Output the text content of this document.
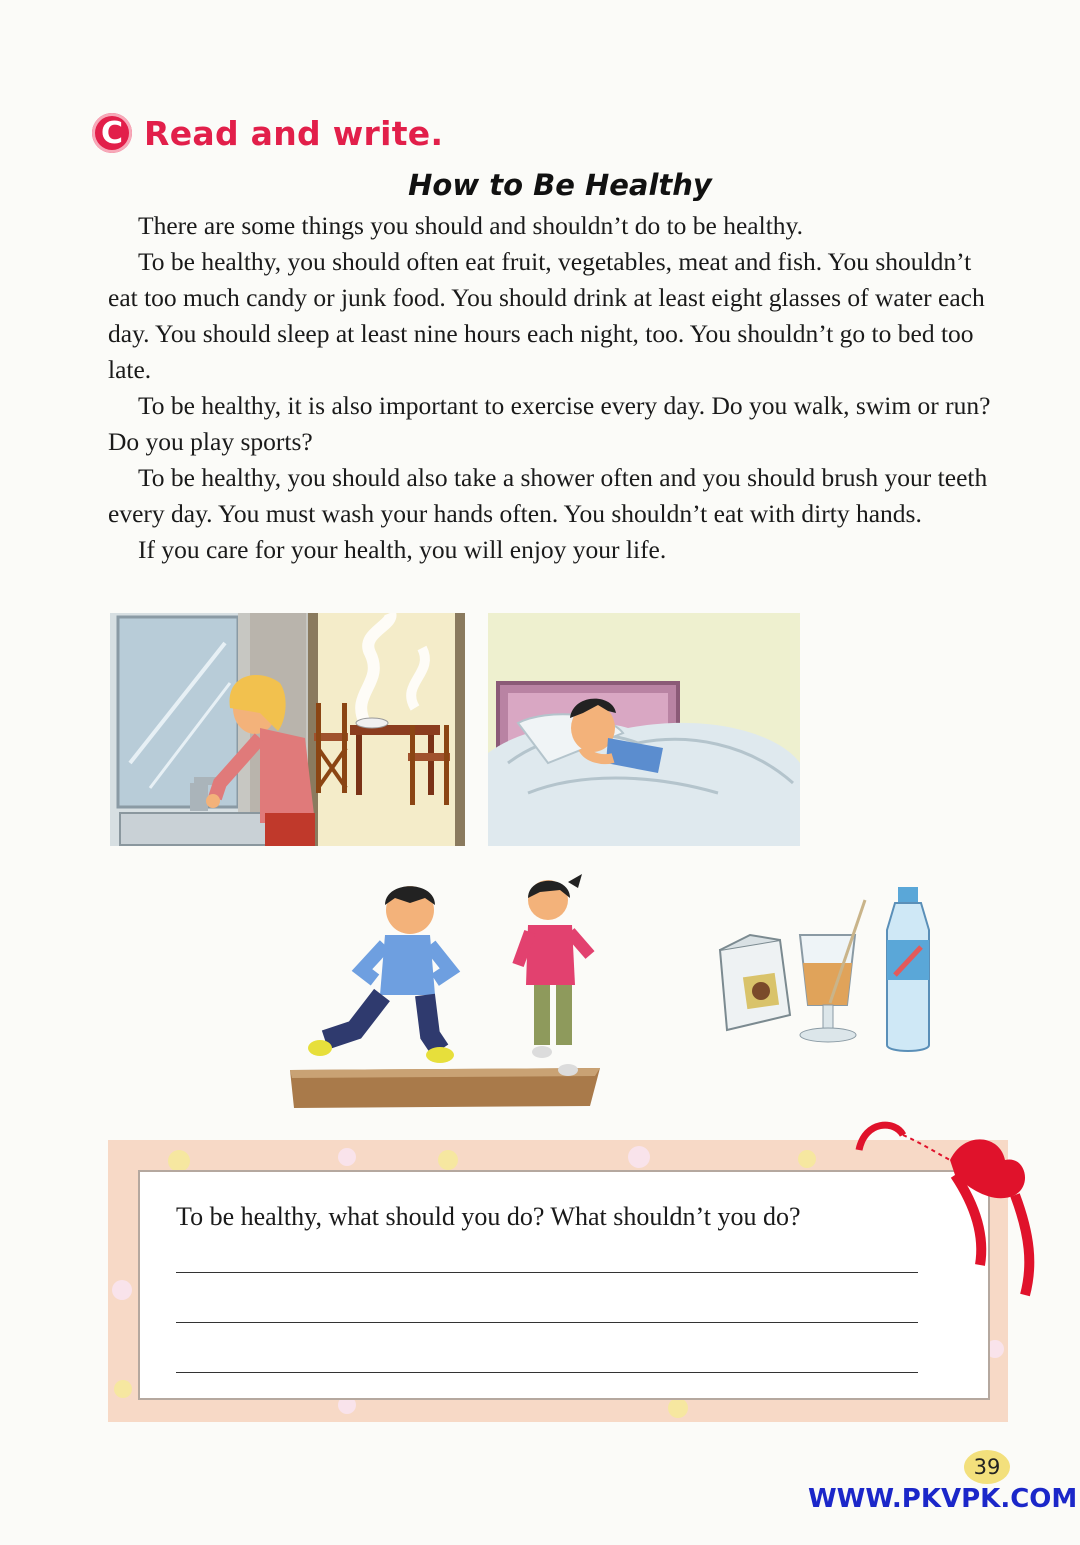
C Read and write.
How to Be Healthy

There are some things you should and shouldn’t do to be healthy.

To be healthy, you should often eat fruit, vegetables, meat and fish. You shouldn’t eat too much candy or junk food. You should drink at least eight glasses of water each day. You should sleep at least nine hours each night, too. You shouldn’t go to bed too late.

To be healthy, it is also important to exercise every day. Do you walk, swim or run? Do you play sports?

To be healthy, you should also take a shower often and you should brush your teeth every day. You must wash your hands often. You shouldn’t eat with dirty hands.

If you care for your health, you will enjoy your life.

To be healthy, what should you do? What shouldn’t you do?
39
WWW.PKVPK.COM
